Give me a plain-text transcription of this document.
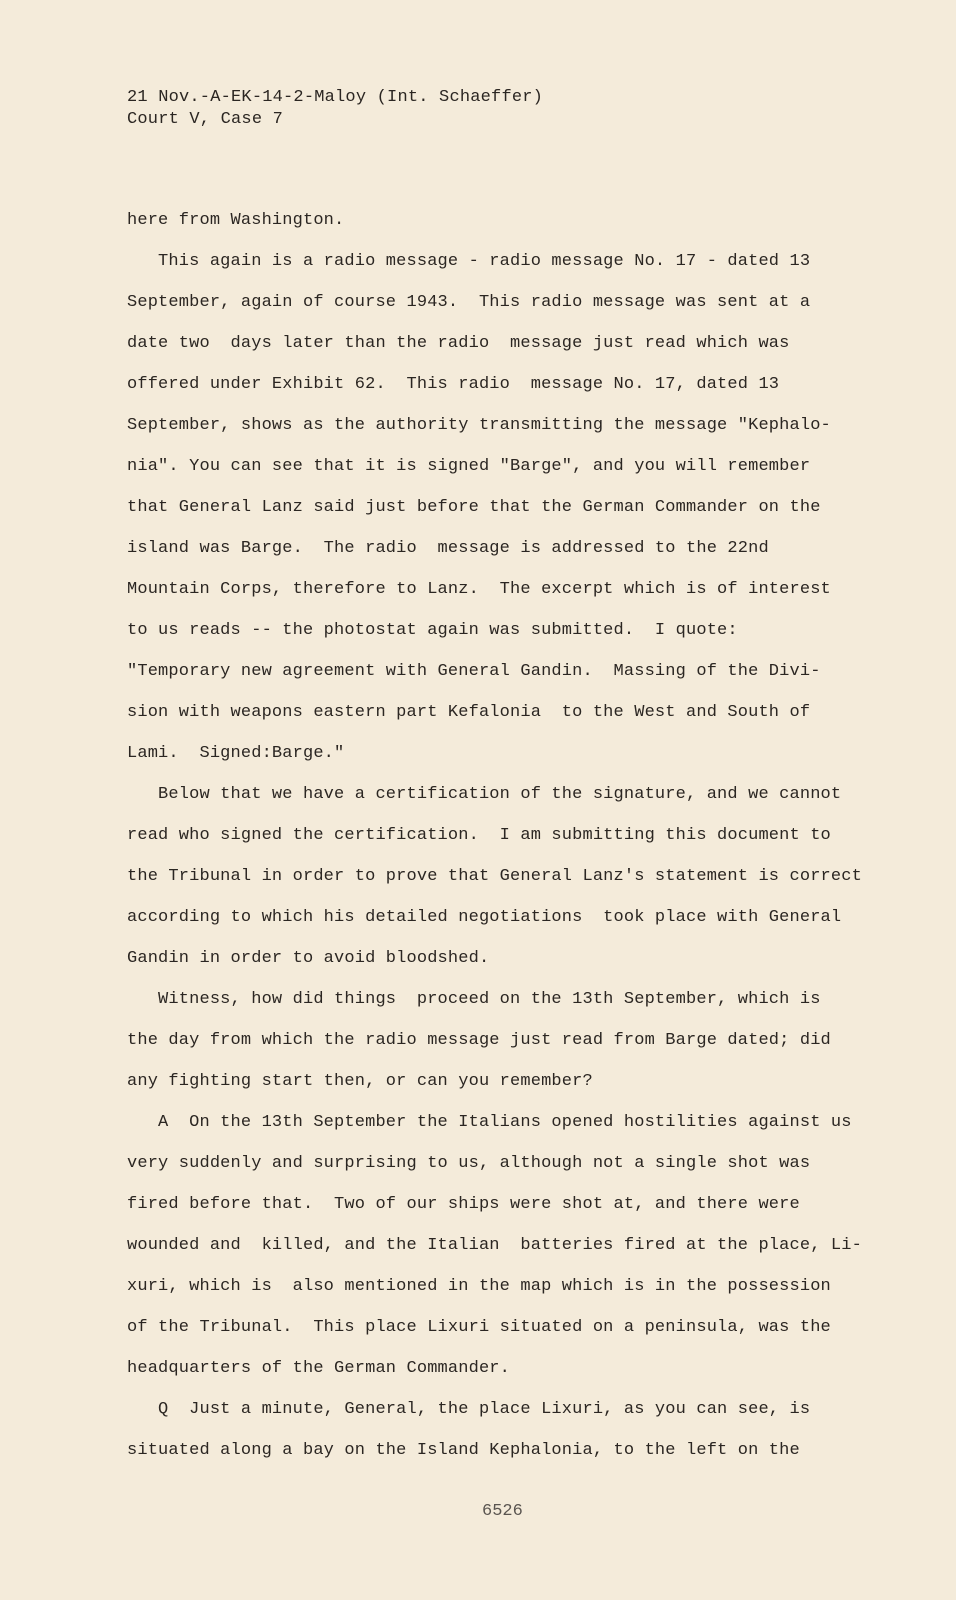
21 Nov.-A-EK-14-2-Maloy (Int. Schaeffer)
Court V, Case 7
here from Washington.
This again is a radio message - radio message No. 17 - dated 13
September, again of course 1943.  This radio message was sent at a
date two  days later than the radio  message just read which was
offered under Exhibit 62.  This radio  message No. 17, dated 13
September, shows as the authority transmitting the message "Kephalo-
nia". You can see that it is signed "Barge", and you will remember
that General Lanz said just before that the German Commander on the
island was Barge.  The radio  message is addressed to the 22nd
Mountain Corps, therefore to Lanz.  The excerpt which is of interest
to us reads -- the photostat again was submitted.  I quote:
"Temporary new agreement with General Gandin.  Massing of the Divi-
sion with weapons eastern part Kefalonia  to the West and South of
Lami.  Signed:Barge."
Below that we have a certification of the signature, and we cannot
read who signed the certification.  I am submitting this document to
the Tribunal in order to prove that General Lanz's statement is correct
according to which his detailed negotiations  took place with General
Gandin in order to avoid bloodshed.
Witness, how did things  proceed on the 13th September, which is
the day from which the radio message just read from Barge dated; did
any fighting start then, or can you remember?
A  On the 13th September the Italians opened hostilities against us
very suddenly and surprising to us, although not a single shot was
fired before that.  Two of our ships were shot at, and there were
wounded and  killed, and the Italian  batteries fired at the place, Li-
xuri, which is  also mentioned in the map which is in the possession
of the Tribunal.  This place Lixuri situated on a peninsula, was the
headquarters of the German Commander.
Q  Just a minute, General, the place Lixuri, as you can see, is
situated along a bay on the Island Kephalonia, to the left on the
6526
